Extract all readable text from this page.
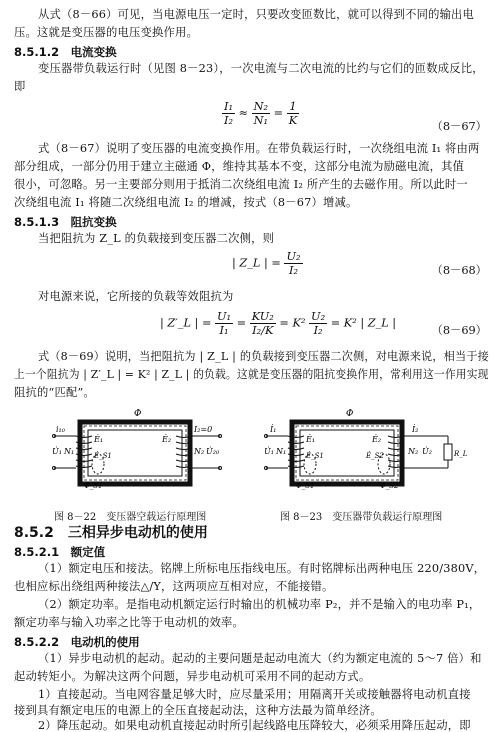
从式（8－66）可见，当电源电压一定时，只要改变匝数比，就可以得到不同的输出电
压。这就是变压器的电压变换作用。
8.5.1.2　电流变换
变压器带负载运行时（见图 8－23），一次电流与二次电流的比约与它们的匝数成反比，
即
$\frac{\text{I₁}}{\text{I₂}} \approx \frac{\text{N₂}}{\text{N₁}} = \frac{1}{K}$	（8－67）
式（8－67）说明了变压器的电流变换作用。在带负载运行时，一次绕组电流 I₁ 将由两
部分组成，一部分仍用于建立主磁通 Φ，维持其基本不变，这部分电流为励磁电流，其值
很小，可忽略。另一主要部分则用于抵消二次绕组电流 I₂ 所产生的去磁作用。所以此时一
次绕组电流 I₁ 将随二次绕组电流 I₂ 的增减，按式（8－67）增减。
8.5.1.3　阻抗变换
当把阻抗为 Z_L 的负载接到变压器二次侧，则
| Z_L | = $\frac{\text{U₂}}{\text{I₂}}$	（8－68）
对电源来说，它所接的负载等效阻抗为
| Z′_L | = $\frac{\text{U₁}}{\text{I₁}} = \frac{\text{KU₂}}{\text{I₂/K}} = K^2 \frac{\text{U₂}}{\text{I₂}} = K^2$ | Z_L |
（8－69）
式（8－69）说明，当把阻抗为 | Z_L | 的负载接到变压器二次侧，对电源来说，相当于接
上一个阻抗为 | Z′_L | = K² | Z_L | 的负载。这就是变压器的阻抗变换作用，常利用这一作用实现
阻抗的“匹配”。
Φ
i₁₀
U̇₁ N₁
Ė₁
Ė_S1
Φ_S1
Ė₂
I₂=0
N₂ U̇₂₀
图 8－22　变压器空载运行原理图
Φ
İ₁
U̇₁ N₁
Ė₁
Ė_S1
Φ_S1
Ė₂
Ė_S2
Φ_S2
İ₂
N₂ U̇₂	R_L
图 8－23　变压器带负载运行原理图
8.5.2　三相异步电动机的使用
8.5.2.1　额定值
（1）额定电压和接法。铭牌上所标电压指线电压。有时铭牌标出两种电压 220/380V，
也相应标出绕组两种接法△/Y，这两项应互相对应，不能接错。
（2）额定功率。是指电动机额定运行时输出的机械功率 P₂，并不是输入的电功率 P₁，
额定功率与输入功率之比等于电动机的效率。
8.5.2.2　电动机的使用
（1）异步电动机的起动。起动的主要问题是起动电流大（约为额定电流的 5～7 倍）和
起动转矩小。为解决这两个问题，异步电动机可采用不同的起动方式。
1）直接起动。当电网容量足够大时，应尽量采用；用隔离开关或接触器将电动机直接
接到具有额定电压的电源上的全压直接起动法，这种方法最为简单经济。
2）降压起动。如果电动机直接起动时所引起线路电压降较大，必须采用降压起动，即
